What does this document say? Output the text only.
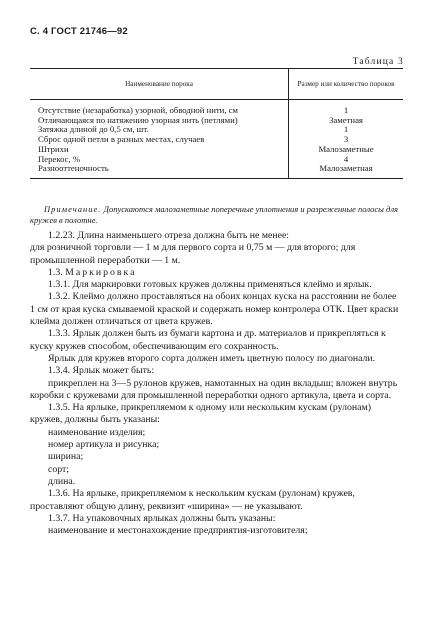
С. 4 ГОСТ 21746—92
Таблица 3
Наименование порока	Размер или количество пороков
Отсутствие (незаработка) узорной, обводной нити, см	1
Отличающаяся по натяжению узорная нить (петлями)	Заметная
Затяжка длиной до 0,5 см, шт.	1
Сброс одной петли в разных местах, случаев	3
Штрихи	Малозаметные
Перекос, %	4
Разнооттеночность	Малозаметная
Примечание. Допускаются малозаметные поперечные уплотнения и разреженные полосы для кружев в полотне.

1.2.23. Длина наименьшего отреза должна быть не менее:

для розничной торговли — 1 м для первого сорта и 0,75 м — для второго; для промышленной переработки — 1 м.

1.3. Маркировка

1.3.1. Для маркировки готовых кружев должны применяться клеймо и ярлык.

1.3.2. Клеймо должно проставляться на обоих концах куска на расстоянии не более 1 см от края куска смываемой краской и содержать номер контролера ОТК. Цвет краски клейма должен отличаться от цвета кружев.

1.3.3. Ярлык должен быть из бумаги картона и др. материалов и прикрепляться к куску кружев способом, обеспечивающим его сохранность.

Ярлык для кружев второго сорта должен иметь цветную полосу по диагонали.

1.3.4. Ярлык может быть:

прикреплен на 3—5 рулонов кружев, намотанных на один вкладыш; вложен внутрь коробки с кружевами для промышленной переработки одного артикула, цвета и сорта.

1.3.5. На ярлыке, прикрепляемом к одному или нескольким кускам (рулонам) кружев, должны быть указаны:

наименование изделия;

номер артикула и рисунка;

ширина;

сорт;

длина.

1.3.6. На ярлыке, прикрепляемом к нескольким кускам (рулонам) кружев, проставляют общую длину, реквизит «ширина» — не указывают.

1.3.7. На упаковочных ярлыках должны быть указаны:

наименование и местонахождение предприятия-изготовителя;
